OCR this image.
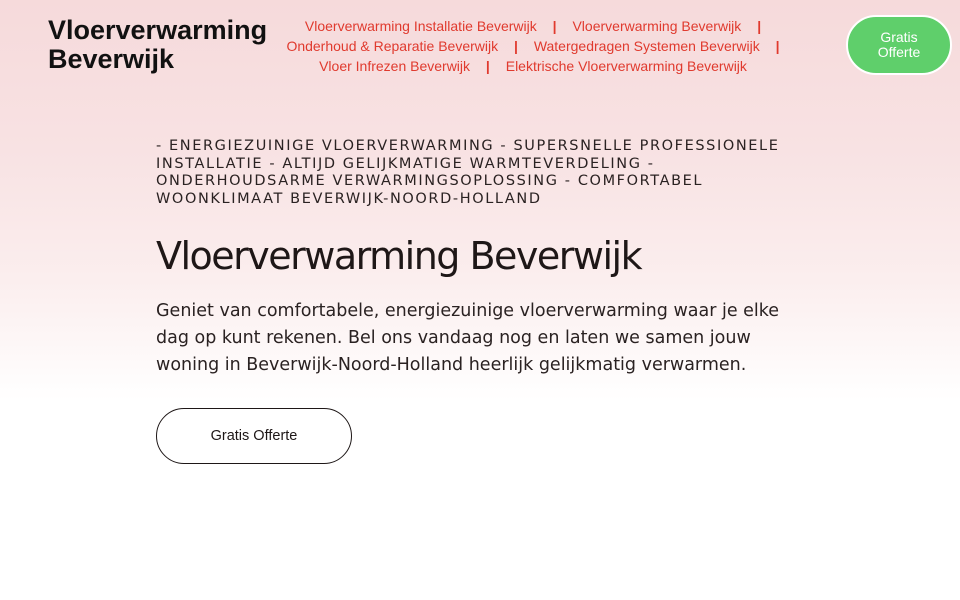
Vloerverwarming Beverwijk
Vloerverwarming Installatie Beverwijk | Vloerverwarming Beverwijk |
Onderhoud & Reparatie Beverwijk | Watergedragen Systemen Beverwijk |
Vloer Infrezen Beverwijk | Elektrische Vloerverwarming Beverwijk
Gratis
Offerte

- ENERGIEZUINIGE VLOERVERWARMING - SUPERSNELLE PROFESSIONELE INSTALLATIE - ALTIJD GELIJKMATIGE WARMTEVERDELING - ONDERHOUDSARME VERWARMINGSOPLOSSING - COMFORTABEL WOONKLIMAAT BEVERWIJK-NOORD-HOLLAND

Vloerverwarming Beverwijk

Geniet van comfortabele, energiezuinige vloerverwarming waar je elke dag op kunt rekenen. Bel ons vandaag nog en laten we samen jouw woning in Beverwijk-Noord-Holland heerlijk gelijkmatig verwarmen.

Gratis Offerte
